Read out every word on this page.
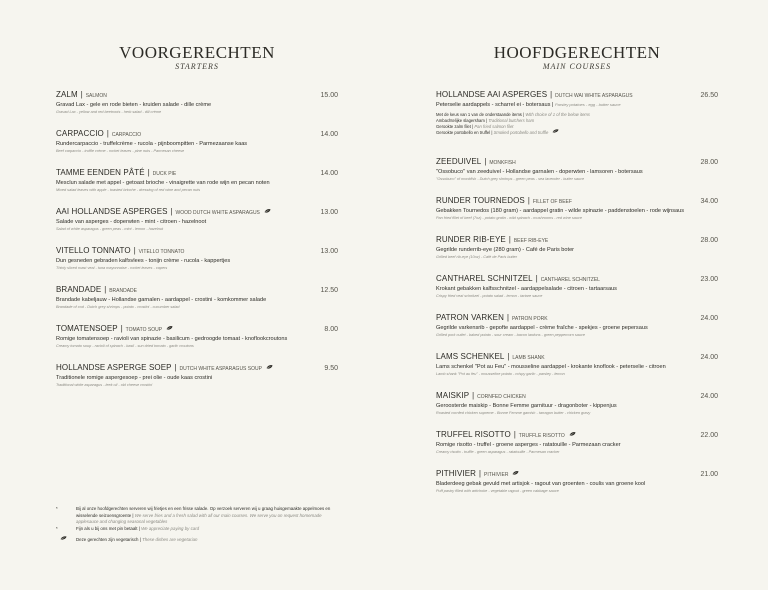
VOORGERECHTEN
STARTERS
ZALM | SALMON	15.00
Gravad Lax - gele en rode bieten - kruiden salade - dille crème
Gravad Lax - yellow and red beetroots - herb salad - dill crème
CARPACCIO | CARPACCIO	14.00
Rundercarpaccio - truffelcrème - rucola - pijnboompitten - Parmezaanse kaas
Beef carpaccio - truffle crème - rocket leaves - pine nuts - Parmesan cheese
TAMME EENDEN PÂTÉ | DUCK PIE	14.00
Mesclun salade met appel - getoast brioche - vinaigrette van rode wijn en pecan noten
Mixed salad leaves with apple - toasted brioche - dressing of red wine and pecan nuts
AAI HOLLANDSE ASPERGES | WOOD DUTCH WHITE ASPARAGUS	13.00
Salade van asperges - doperwten - mint - citroen - hazelnoot
Salad of white asparagus - green peas - mint - lemon - hazelnut
VITELLO TONNATO | VITELLO TONNATO	13.00
Dun gesneden gebraden kalfsvlees - tonijn crème - rucola - kappertjes
Thinly sliced roast veal - tuna mayonnaise - rocket leaves - capers
BRANDADE | BRANDADE	12.50
Brandade kabeljauw - Hollandse garnalen - aardappel - crostini - komkommer salade
Brandade of cod - Dutch grey shrimps - potato - crostini - cucumber salad
TOMATENSOEP | TOMATO SOUP	8.00
Romige tomatensoep - ravioli van spinazie - basilicum - gedroogde tomaat - knoflookcroutons
Creamy tomato soup - ravioli of spinach - basil - sun dried tomato - garlic croutons
HOLLANDSE ASPERGE SOEP | DUTCH WHITE ASPARAGUS SOUP	9.50
Traditionele romige aspergesoep - prei olie - oude kaas crostini
Traditional white asparagus - leek oil - old cheese crostini
HOOFDGERECHTEN
MAIN COURSES
HOLLANDSE AAI ASPERGES | DUTCH WAI WHITE ASPARAGUS	26.50
Peterselie aardappels - scharrel ei - botersaus | Parsley potatoes - egg - butter sauce
Met de keus van 1 van de onderstaande items | With choice of 1 of the below items
Ambachtelijke slagersham | Traditional butchers ham
Gerookte zalm filet | Pan fried salmon filet
Gerookte portobello en truffel | Smoked portobello and truffle
ZEEDUIVEL | MONKFISH	28.00
"Ossobuco" van zeeduivel - Hollandse garnalen - doperwten - lamsoren - botersaus
"Ossobuco" of monkfish - Dutch grey shrimps - green peas - sea lavender - butter sauce
RUNDER TOURNEDOS | FILLET OF BEEF	34.00
Gebakken Tournedos (180 gram) - aardappel gratin - wilde spinazie - paddenstoelen - rode wijnsaus
Pan fried fillet of beef (7oz) - potato gratin - wild spinach - mushrooms - red wine sauce
RUNDER RIB-EYE | BEEF RIB-EYE	28.00
Gegrilde runderrib-eye (280 gram) - Café de Paris boter
Grilled beef rib-eye (10oz) - Café de Paris butter
CANTHAREL SCHNITZEL | CANTHAREL SCHNITZEL	23.00
Krokant gebakken kalfsschnitzel - aardappelsalade - citroen - tartaarsaus
Crispy fried veal schnitzel - potato salad - lemon - tartare sauce
PATRON VARKEN | PATRON PORK	24.00
Gegrilde varkensrib - gepofte aardappel - crème fraîche - spekjes - groene pepersaus
Grilled pork cutlet - baked potato - sour cream - bacon lardons - green peppercorn sauce
LAMS SCHENKEL | LAMB SHANK	24.00
Lams schenkel "Pot au Feu" - mousseline aardappel - krokante knoflook - peterselie - citroen
Lamb shank "Pot au feu" - mousseline potato - crispy garlic - parsley - lemon
MAISKIP | CORNFED CHICKEN	24.00
Geroosterde maiskip - Bonne Femme garnituur - dragonboter - kippenjus
Roasted cornfed chicken supreme - Bonne Femme garnish - tarragon butter - chicken gravy
TRUFFEL RISOTTO | TRUFFLE RISOTTO	22.00
Romige risotto - truffel - groene asperges - ratatouille - Parmezaan cracker
Creamy risotto - truffle - green asparagus - ratatouille - Parmesan cracker
PITHIVIER | PITHIVIER	21.00
Bladerdeeg gebak gevuld met artisjok - ragout van groenten - coulis van groene kool
Puff pastry filled with artichoke - vegetable ragout - green cabbage sauce
*	Bij al onze hoofdgerechten serveren wij frietjes en een frisse salade. Op verzoek serveren wij u graag huisgemaakte appelmoes en wisselende seizoensgroente | We serve fries and a fresh salad with all our main courses. We serve you on request homemade applesauce and changing seasonal vegetables
*	Fijn als u bij ons met pin betaalt | We appreciate paying by card
Deze gerechten zijn vegetarisch | These dishes are vegetarian
